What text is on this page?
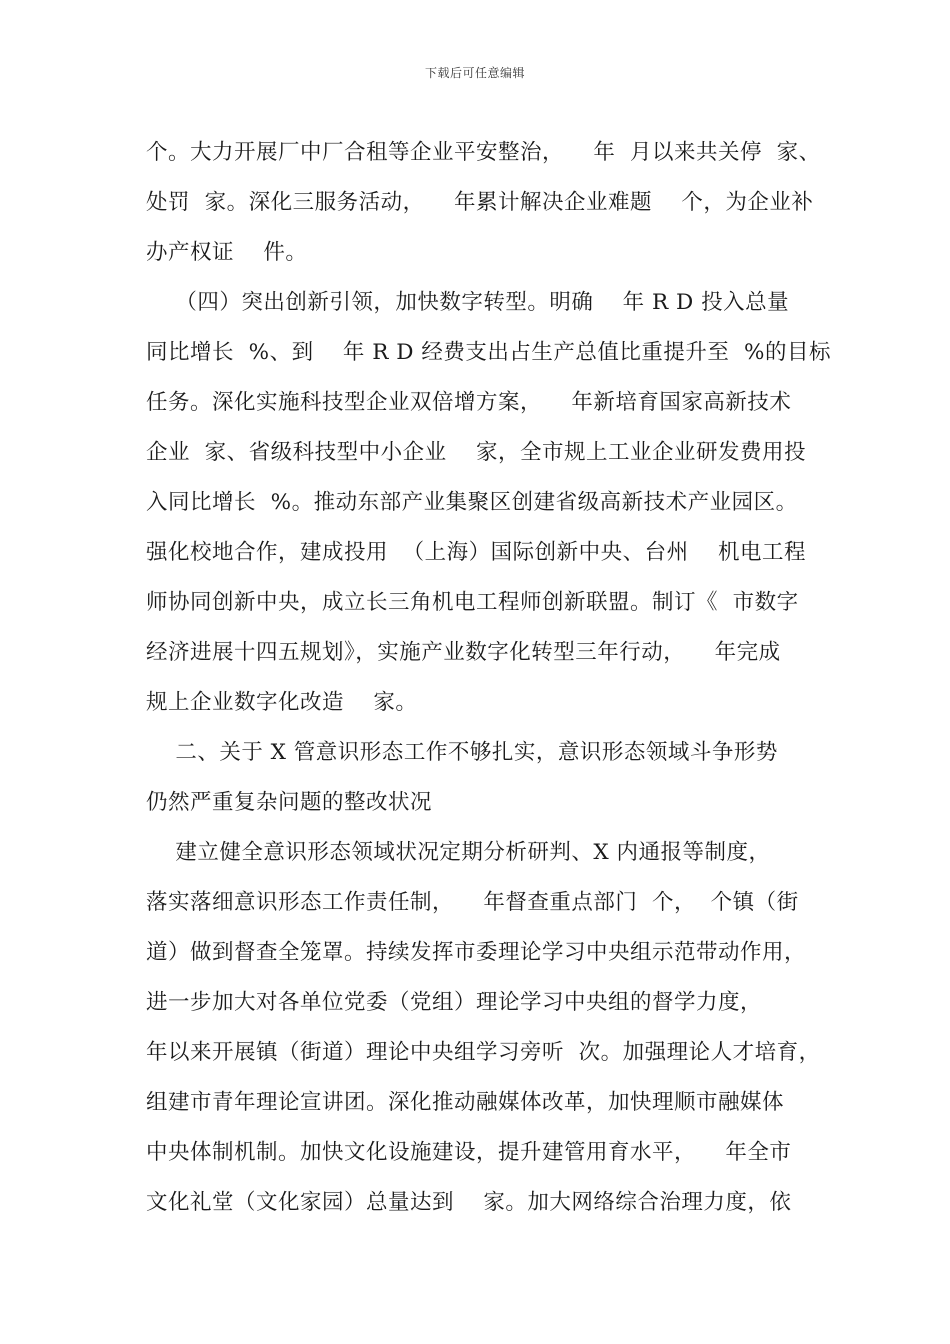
下载后可任意编辑
个。大力开展厂中厂合租等企业平安整治，    年  月以来共关停  家、
处罚  家。深化三服务活动，    年累计解决企业难题    个，为企业补
办产权证    件。
（四）突出创新引领，加快数字转型。明确    年 R D 投入总量
同比增长  %、到    年 R D 经费支出占生产总值比重提升至  %的目标
任务。深化实施科技型企业双倍增方案，    年新培育国家高新技术
企业  家、省级科技型中小企业    家，全市规上工业企业研发费用投
入同比增长  %。推动东部产业集聚区创建省级高新技术产业园区。
强化校地合作，建成投用  （上海）国际创新中央、台州    机电工程
师协同创新中央，成立长三角机电工程师创新联盟。制订《  市数字
经济进展十四五规划》，实施产业数字化转型三年行动，    年完成
规上企业数字化改造    家。
二、关于 X 管意识形态工作不够扎实，意识形态领域斗争形势
仍然严重复杂问题的整改状况
建立健全意识形态领域状况定期分析研判、X 内通报等制度，
落实落细意识形态工作责任制，    年督查重点部门  个，  个镇（街
道）做到督查全笼罩。持续发挥市委理论学习中央组示范带动作用，
进一步加大对各单位党委（党组）理论学习中央组的督学力度，
年以来开展镇（街道）理论中央组学习旁听  次。加强理论人才培育，
组建市青年理论宣讲团。深化推动融媒体改革，加快理顺市融媒体
中央体制机制。加快文化设施建设，提升建管用育水平，    年全市
文化礼堂（文化家园）总量达到    家。加大网络综合治理力度，依
